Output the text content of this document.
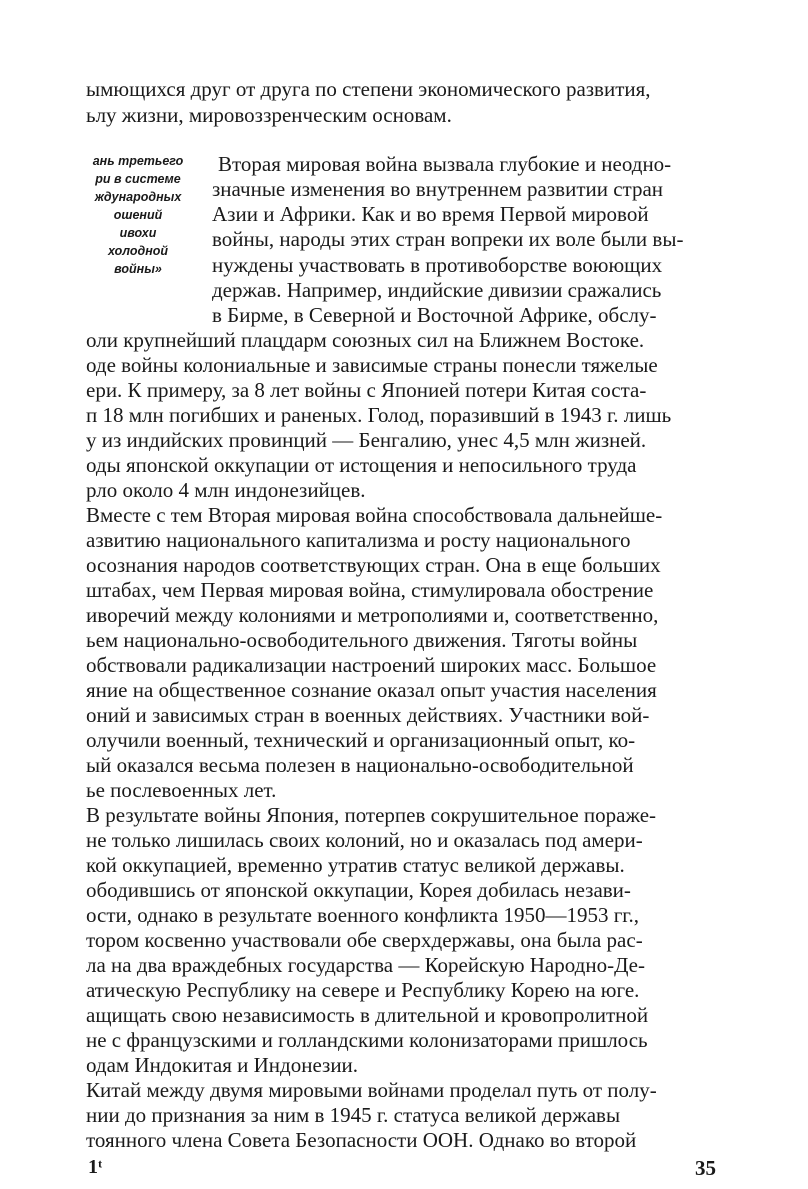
ымющихся друг от друга по степени экономического развития,
ьлу жизни, мировоззренческим основам.
ань третьего
ри в системе
ждународных
ошений
ивохи
холодной
войны»
Вторая мировая война вызвала глубокие и неодно-
значные изменения во внутреннем развитии стран
Азии и Африки. Как и во время Первой мировой
войны, народы этих стран вопреки их воле были вы-
нуждены участвовать в противоборстве воюющих
держав. Например, индийские дивизии сражались
в Бирме, в Северной и Восточной Африке, обслу-
оли крупнейший плацдарм союзных сил на Ближнем Востоке.
оде войны колониальные и зависимые страны понесли тяжелые
ери. К примеру, за 8 лет войны с Японией потери Китая соста-
п 18 млн погибших и раненых. Голод, поразивший в 1943 г. лишь
у из индийских провинций — Бенгалию, унес 4,5 млн жизней.
оды японской оккупации от истощения и непосильного труда
рло около 4 млн индонезийцев.
Вместе с тем Вторая мировая война способствовала дальнейше-
азвитию национального капитализма и росту национального
осознания народов соответствующих стран. Она в еще больших
штабах, чем Первая мировая война, стимулировала обострение
иворечий между колониями и метрополиями и, соответственно,
ьем национально-освободительного движения. Тяготы войны
обствовали радикализации настроений широких масс. Большое
яние на общественное сознание оказал опыт участия населения
оний и зависимых стран в военных действиях. Участники вой-
олучили военный, технический и организационный опыт, ко-
ый оказался весьма полезен в национально-освободительной
ье послевоенных лет.
В результате войны Япония, потерпев сокрушительное пораже-
не только лишилась своих колоний, но и оказалась под амери-
кой оккупацией, временно утратив статус великой державы.
ободившись от японской оккупации, Корея добилась незави-
ости, однако в результате военного конфликта 1950—1953 гг.,
тором косвенно участвовали обе сверхдержавы, она была рас-
ла на два враждебных государства — Корейскую Народно-Де-
атическую Республику на севере и Республику Корею на юге.
ащищать свою независимость в длительной и кровопролитной
не с французскими и голландскими колонизаторами пришлось
одам Индокитая и Индонезии.
Китай между двумя мировыми войнами проделал путь от полу-
нии до признания за ним в 1945 г. статуса великой державы
тоянного члена Совета Безопасности ООН. Однако во второй
1ᵗ	35
